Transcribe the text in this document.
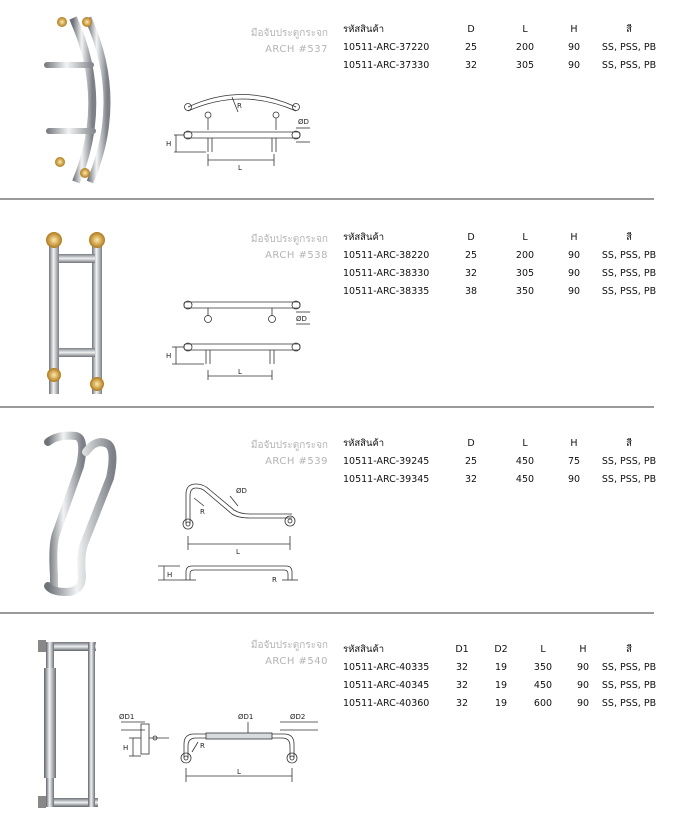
มือจับประตูกระจก
ARCH #537
รหัสสินค้า	D	L	H	สี
10511-ARC-37220	25	200	90	SS, PSS, PB
10511-ARC-37330	32	305	90	SS, PSS, PB
R
H
L
ØD
มือจับประตูกระจก
ARCH #538
รหัสสินค้า	D	L	H	สี
10511-ARC-38220	25	200	90	SS, PSS, PB
10511-ARC-38330	32	305	90	SS, PSS, PB
10511-ARC-38335	38	350	90	SS, PSS, PB
ØD
H
L
มือจับประตูกระจก
ARCH #539
รหัสสินค้า	D	L	H	สี
10511-ARC-39245	25	450	75	SS, PSS, PB
10511-ARC-39345	32	450	90	SS, PSS, PB
R
ØD
L
H
R
มือจับประตูกระจก
ARCH #540
รหัสสินค้า	D1	D2	L	H	สี
10511-ARC-40335	32	19	350	90	SS, PSS, PB
10511-ARC-40345	32	19	450	90	SS, PSS, PB
10511-ARC-40360	32	19	600	90	SS, PSS, PB
ØD1
H
ØD1	ØD2
R
L
